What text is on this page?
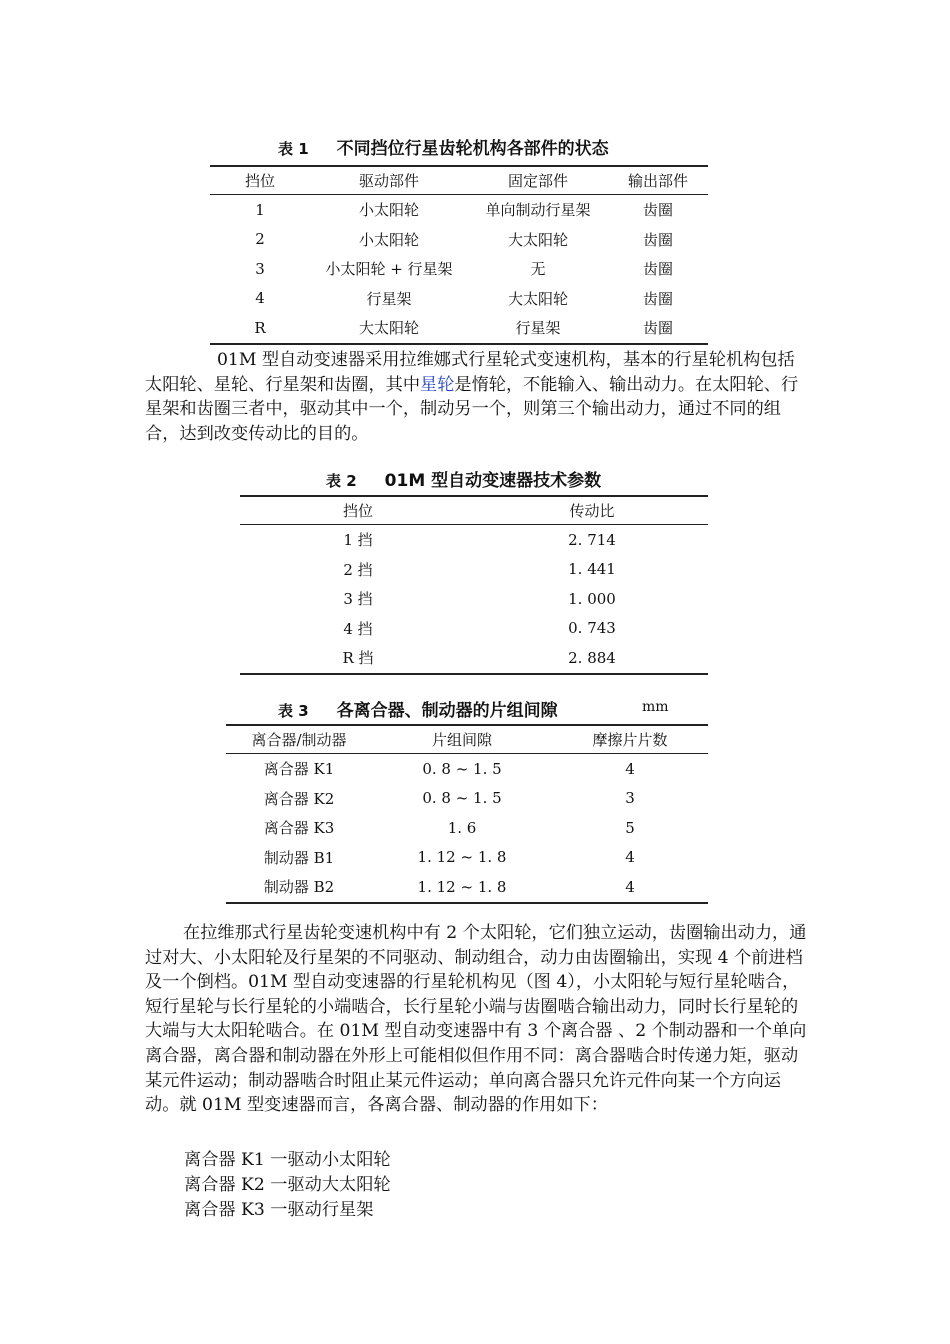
表 1 不同挡位行星齿轮机构各部件的状态
挡位	驱动部件	固定部件	输出部件
1	小太阳轮	单向制动行星架	齿圈
2	小太阳轮	大太阳轮	齿圈
3	小太阳轮 + 行星架	无	齿圈
4	行星架	大太阳轮	齿圈
R	大太阳轮	行星架	齿圈

01M 型自动变速器采用拉维娜式行星轮式变速机构，基本的行星轮机构包括太阳轮、星轮、行星架和齿圈，其中星轮是惰轮，不能输入、输出动力。在太阳轮、行星架和齿圈三者中，驱动其中一个，制动另一个，则第三个输出动力，通过不同的组合，达到改变传动比的目的。

表 2 01M 型自动变速器技术参数
挡位	传动比
1 挡	2. 714
2 挡	1. 441
3 挡	1. 000
4 挡	0. 743
R 挡	2. 884
表 3 各离合器、制动器的片组间隙	mm
离合器/制动器	片组间隙	摩擦片片数
离合器 K1	0. 8 ~ 1. 5	4
离合器 K2	0. 8 ~ 1. 5	3
离合器 K3	1. 6	5
制动器 B1	1. 12 ~ 1. 8	4
制动器 B2	1. 12 ~ 1. 8	4

在拉维那式行星齿轮变速机构中有 2 个太阳轮，它们独立运动，齿圈输出动力，通过对大、小太阳轮及行星架的不同驱动、制动组合，动力由齿圈输出，实现 4 个前进档及一个倒档。01M 型自动变速器的行星轮机构见（图 4），小太阳轮与短行星轮啮合，短行星轮与长行星轮的小端啮合，长行星轮小端与齿圈啮合输出动力，同时长行星轮的大端与大太阳轮啮合。在 01M 型自动变速器中有 3 个离合器 、2 个制动器和一个单向离合器，离合器和制动器在外形上可能相似但作用不同：离合器啮合时传递力矩，驱动某元件运动；制动器啮合时阻止某元件运动；单向离合器只允许元件向某一个方向运动。就 01M 型变速器而言，各离合器、制动器的作用如下：

离合器 K1 一驱动小太阳轮
离合器 K2 一驱动大太阳轮
离合器 K3 一驱动行星架
